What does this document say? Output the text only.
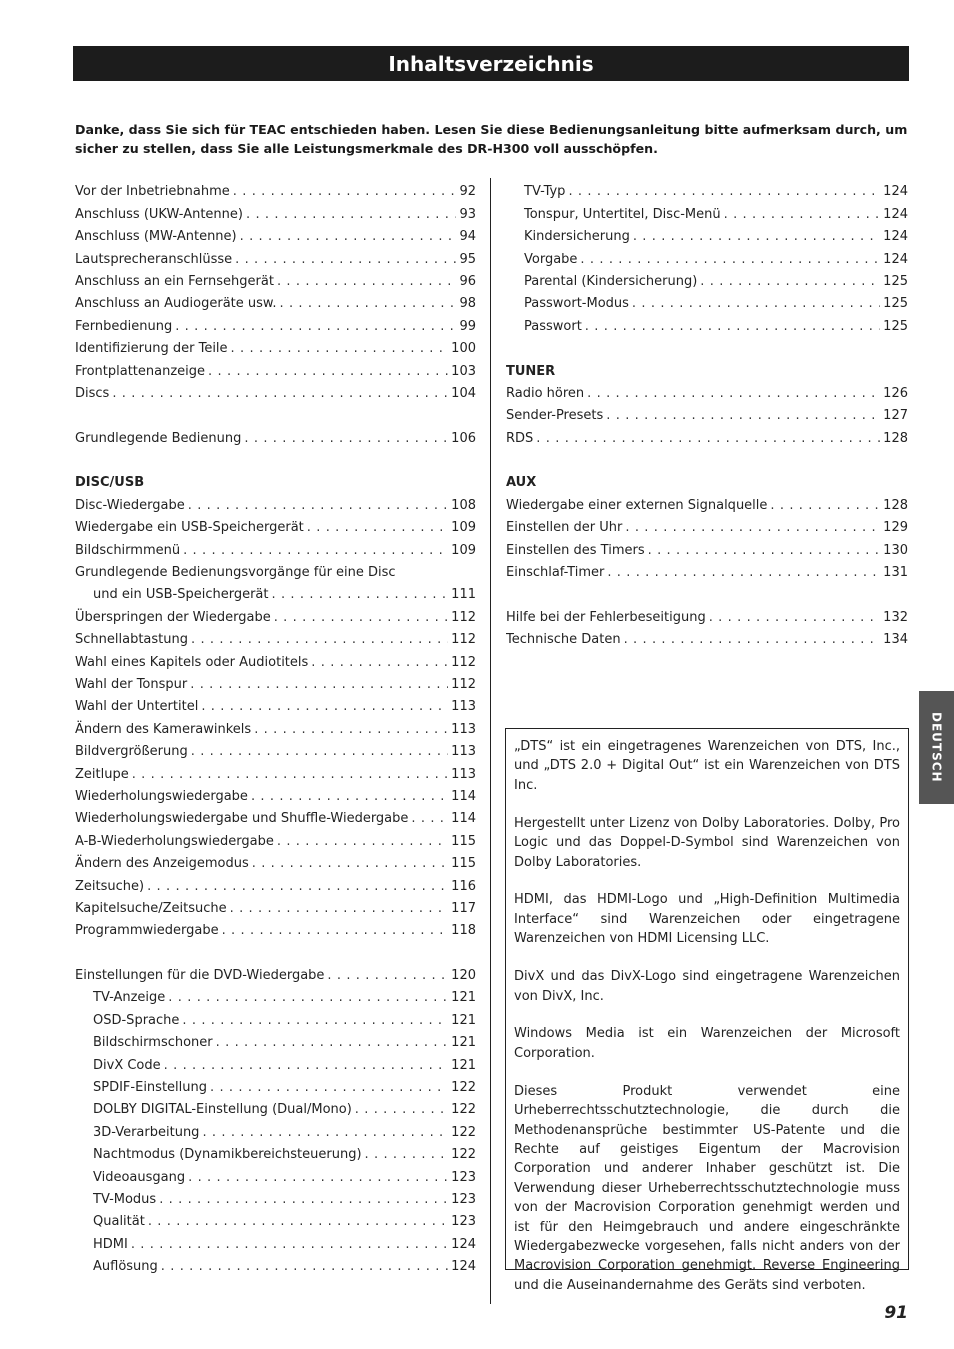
Inhaltsverzeichnis
Danke, dass Sie sich für TEAC entschieden haben. Lesen Sie diese Bedienungsanleitung bitte aufmerksam durch, um sicher zu stellen, dass Sie alle Leistungsmerkmale des DR-H300 voll ausschöpfen.
Vor der Inbetriebnahme . . .	92
Anschluss (UKW-Antenne) . . .	93
Anschluss (MW-Antenne) . . .	94
Lautsprecheranschlüsse . . .	95
Anschluss an ein Fernsehgerät . . .	96
Anschluss an Audiogeräte usw. . . .	98
Fernbedienung . . .	99
Identifizierung der Teile . . .	100
Frontplattenanzeige . . .	103
Discs . . .	104
Grundlegende Bedienung . . .	106
DISC/USB
Disc-Wiedergabe . . .	108
Wiedergabe ein USB-Speichergerät . . .	109
Bildschirmmenü . . .	109
Grundlegende Bedienungsvorgänge für eine Disc
und ein USB-Speichergerät . . .	111
Überspringen der Wiedergabe . . .	112
Schnellabtastung . . .	112
Wahl eines Kapitels oder Audiotitels . . .	112
Wahl der Tonspur . . .	112
Wahl der Untertitel . . .	113
Ändern des Kamerawinkels . . .	113
Bildvergrößerung . . .	113
Zeitlupe . . .	113
Wiederholungswiedergabe . . .	114
Wiederholungswiedergabe und Shuffle-Wiedergabe . . .	114
A-B-Wiederholungswiedergabe . . .	115
Ändern des Anzeigemodus . . .	115
Zeitsuche) . . .	116
Kapitelsuche/Zeitsuche . . .	117
Programmwiedergabe . . .	118
Einstellungen für die DVD-Wiedergabe . . .	120
TV-Anzeige . . .	121
OSD-Sprache . . .	121
Bildschirmschoner . . .	121
DivX Code . . .	121
SPDIF-Einstellung . . .	122
DOLBY DIGITAL-Einstellung (Dual/Mono) . . .	122
3D-Verarbeitung . . .	122
Nachtmodus (Dynamikbereichsteuerung) . . .	122
Videoausgang . . .	123
TV-Modus . . .	123
Qualität . . .	123
HDMI . . .	124
Auflösung . . .	124
TV-Typ . . .	124
Tonspur, Untertitel, Disc-Menü . . .	124
Kindersicherung . . .	124
Vorgabe . . .	124
Parental (Kindersicherung) . . .	125
Passwort-Modus . . .	125
Passwort . . .	125
TUNER
Radio hören . . .	126
Sender-Presets . . .	127
RDS . . .	128
AUX
Wiedergabe einer externen Signalquelle . . .	128
Einstellen der Uhr . . .	129
Einstellen des Timers . . .	130
Einschlaf-Timer . . .	131
Hilfe bei der Fehlerbeseitigung . . .	132
Technische Daten . . .	134

„DTS“ ist ein eingetragenes Warenzeichen von DTS, Inc., und „DTS 2.0 + Digital Out“ ist ein Warenzeichen von DTS Inc.

Hergestellt unter Lizenz von Dolby Laboratories. Dolby, Pro Logic und das Doppel-D-Symbol sind Warenzeichen von Dolby Laboratories.

HDMI, das HDMI-Logo und „High-Definition Multimedia Interface“ sind Warenzeichen oder eingetragene Warenzeichen von HDMI Licensing LLC.

DivX und das DivX-Logo sind eingetragene Warenzeichen von DivX, Inc.

Windows Media ist ein Warenzeichen der Microsoft Corporation.

Dieses Produkt verwendet eine Urheberrechtsschutztechnologie, die durch die Methodenansprüche bestimmter US-Patente und die Rechte auf geistiges Eigentum der Macrovision Corporation und anderer Inhaber geschützt ist. Die Verwendung dieser Urheberrechtsschutztechnologie muss von der Macrovision Corporation genehmigt werden und ist für den Heimgebrauch und andere eingeschränkte Wiedergabezwecke vorgesehen, falls nicht anders von der Macrovision Corporation genehmigt. Reverse Engineering und die Auseinandernahme des Geräts sind verboten.

DEUTSCH
91
